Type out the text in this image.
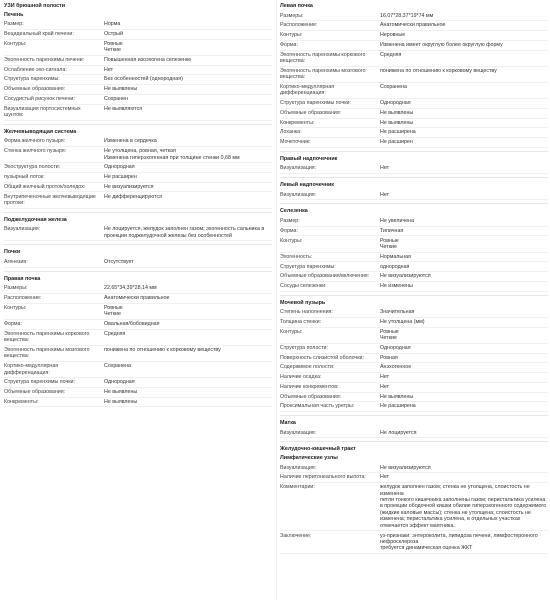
УЗИ брюшной полости
Печень
Размер:	Норма
Вецидеальный край печени:	Острый
Контуры:	Ровные
Четкие
Эхогенность паренхимы печени:	Повышенная изоэхогена селезенке
Ослабление эхо-сигнала:	Нет
Структура паренхимы:	Без особенностей (однородная)
Объемные образования:	Не выявлены
Сосудистый рисунок печени:	Сохранен
Визуализация портосистемных шунтов:
Не выявляются
Желчевыводящая система
Форма желчного пузыря:	Изменена в сердечка
Стенка желчного пузыря:	Не утолщена, ровная, четкая
Изменена гиперэхогенная при толщине стенки 0,68 мм
Эхоструктура полости:	Однородная
пузырный поток:	Не расширен
Общий желчный проток/холедох:	Не визуализируется
Внутрипеченочные желчевыводящие протоки:
Не дифференцируются
Поджелудочная железа
Визуализация:	Не лоцируется, желудок заполнен газом; эхогенность сальника в проекции поджелудочной железы без особенностей
Почки
Агенезия:	Отсутствует
Правая почка
Размеры:	22,65*34,39*28,14 мм
Расположение:	Анатомически правильное
Контуры:	Ровные
Четкие
Форма:	Овальная/бобовидная
Эхогенность паренхимы коркового вещества:
Средняя
Эхогенность паренхимы мозгового вещества:
понижена по отношению к корковому веществу
Кортико-медуллярная дифференциация:
Сохранена
Структура паренхимы почки:	Однородная
Объемные образования:	Не выявлены
Конкременты:	Не выявлены
Левая почка
Размеры:	16,07*28,37*19*74 мм
Расположение:	Анатомически правильное
Контуры:	Неровные
Форма:	Изменена имеет округлую более округлую форму
Эхогенность паренхимы коркового вещества:
Средняя
Эхогенность паренхимы мозгового вещества:
понижена по отношению к корковому веществу
Кортико-медуллярная дифференциация:
Сохранена
Структура паренхимы почки:	Однородная
Объемные образования:	Не выявлены
Конкременты:	Не выявлены
Лоханка:	Не расширена
Мочеточник:	Не расширен
Правый надпочечник
Визуализация:	Нет
Левый надпочечник
Визуализация:	Нет
Селезенка
Размер:	Не увеличена
Форма:	Типичная
Контуры:	Ровные
Четкие
Эхогенность:	Нормальная
Структура паренхимы:	однородная
Объемные образования/включения:	Не визуализируются
Сосуды селезенки:	Не изменены
Мочевой пузырь
Степень наполнения:	Значительная
Толщина стенки:	Не утолщена (мм)
Контуры:	Ровные
Четкие
Структура полости:	Однородная
Поверхность слизистой оболочки:	Ровная
Содержимое полости:	Анэхогенное
Наличие осадка:	Нет
Наличие конкрементов:	Нет
Объемные образования:	Не выявлены
Проксимальная часть уретры:	Не расширена
Матка
Визуализация:	Не лоцируется
Желудочно-кишечный тракт
Лимфатические узлы
Визуализация:	Не визуализируются
Наличие перитонеального выпота:	Нет
Комментарии:	желудок заполнен газом; стенка не утолщена, слоистость не изменена
петли тонкого кишечника заполнены газом; перистальтика усилена
в проекции ободочной кишки обилие гиперэхогенного содержимого (жидкие каловые массы); стенка не утолщена; слоистость не изменена; перистальтика усилена, в отдельных участках отмечается эффект маятника.
Заключение:	уз-признаки: энтероколита, липидоза печени, лимфостеронного нефросклероза
требуется динамическая оценка ЖКТ
